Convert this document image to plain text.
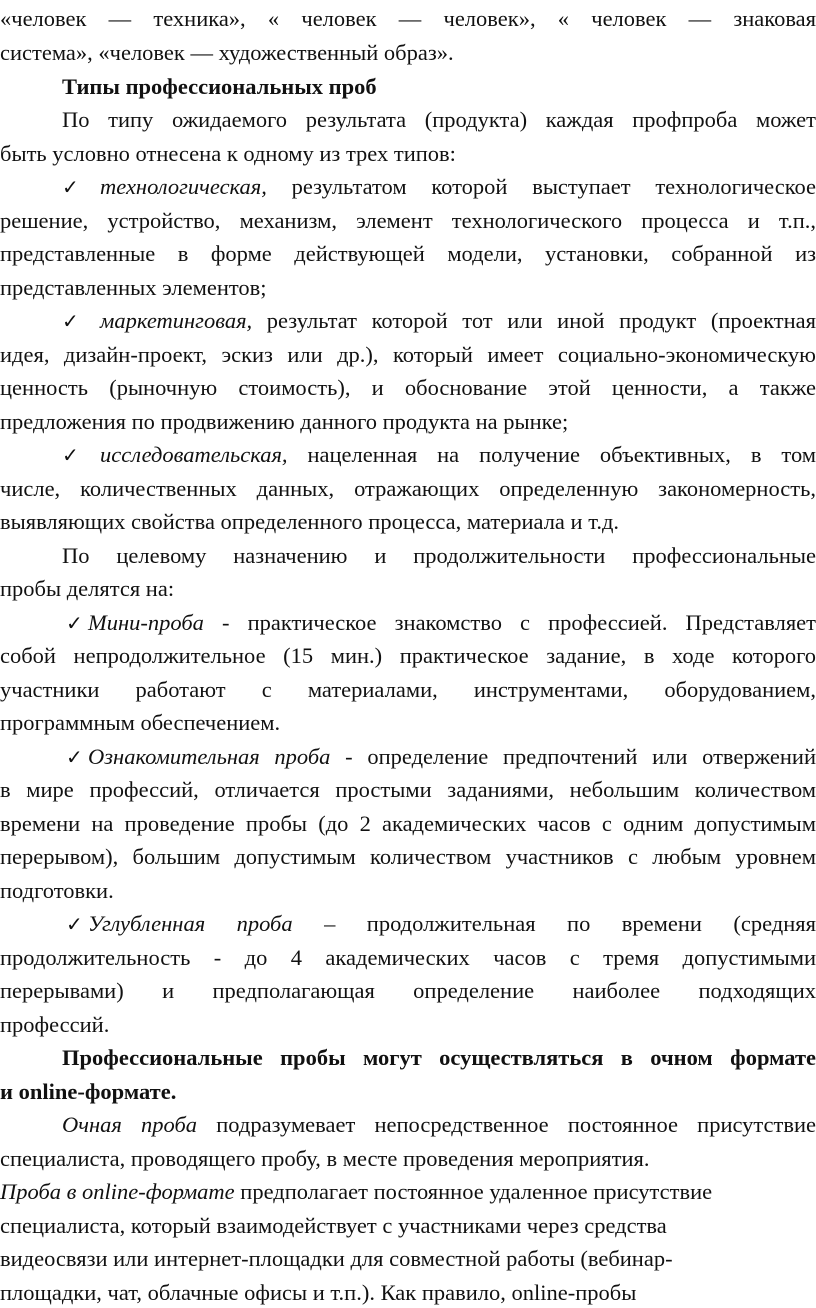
«человек — техника», « человек — человек», « человек — знаковая
система», «человек — художественный образ».
Типы профессиональных проб
По типу ожидаемого результата (продукта) каждая профпроба может
быть условно отнесена к одному из трех типов:
✓ технологическая, результатом которой выступает технологическое
решение, устройство, механизм, элемент технологического процесса и т.п.,
представленные в форме действующей модели, установки, собранной из
представленных элементов;
✓ маркетинговая, результат которой тот или иной продукт (проектная
идея, дизайн-проект, эскиз или др.), который имеет социально-экономическую
ценность (рыночную стоимость), и обоснование этой ценности, а также
предложения по продвижению данного продукта на рынке;
✓ исследовательская, нацеленная на получение объективных, в том
числе, количественных данных, отражающих определенную закономерность,
выявляющих свойства определенного процесса, материала и т.д.
По целевому назначению и продолжительности профессиональные
пробы делятся на:
✓ Мини-проба - практическое знакомство с профессией. Представляет
собой непродолжительное (15 мин.) практическое задание, в ходе которого
участники работают с материалами, инструментами, оборудованием,
программным обеспечением.
✓ Ознакомительная проба - определение предпочтений или отвержений
в мире профессий, отличается простыми заданиями, небольшим количеством
времени на проведение пробы (до 2 академических часов с одним допустимым
перерывом), большим допустимым количеством участников с любым уровнем
подготовки.
✓ Углубленная проба – продолжительная по времени (средняя
продолжительность - до 4 академических часов с тремя допустимыми
перерывами) и предполагающая определение наиболее подходящих
профессий.
Профессиональные пробы могут осуществляться в очном формате
и online-формате.
Очная проба подразумевает непосредственное постоянное присутствие
специалиста, проводящего пробу, в месте проведения мероприятия.
Проба в online-формате предполагает постоянное удаленное присутствие
специалиста, который взаимодействует с участниками через средства
видеосвязи или интернет-площадки для совместной работы (вебинар-
площадки, чат, облачные офисы и т.п.). Как правило, online-пробы
